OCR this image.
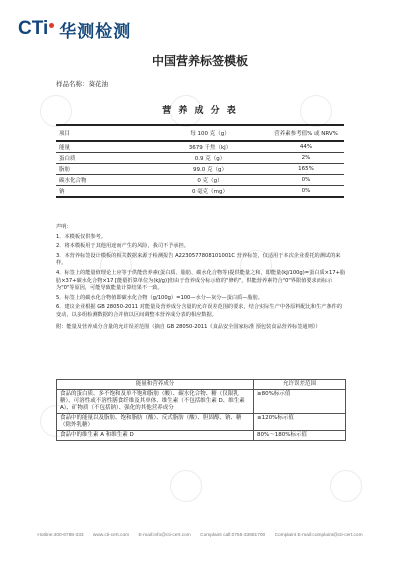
CTi 华测检测
中国营养标签模板
样品名称：葵花油
营 养 成 分 表
项目	每 100 克（g）	营养素参考值% 或 NRV%
能量	3679 千焦（kJ）	44%
蛋白质	0.9 克（g）	2%
脂肪	99.0 克（g）	165%
碳水化合物	0 克（g）	0%
钠	0 毫克（mg）	0%

声明：

1．本模板仅供参考。

2．将本模板用于其他用途而产生的风险，我司不予承担。

3．本营养标签设计模板的相关数据来源于检测报告 A2230577808101001C 营养标签，仅适用于本次企业委托的测试的来样。

4．标签上的能量值理论上应等于供能营养素(蛋白质、脂肪、碳水化合物等)提供能量之和，即能量(kJ/100g)=蛋白质×17+脂肪×37+碳水化合物×17 [能量折算单位为(kJ/g)]但由于营养成分标示值的"修约"，供能营养素符合"0"界限值要求而标示为"0"等原因，可能导致能量计算结果不一致。

5．标签上的碳水化合物值即碳水化合物（g/100g）=100—水分—灰分—蛋白质—脂肪。

6．建议企业根据 GB 28050-2011 对能量及营养成分含量的允许误差范围的要求，结合实际生产中各原料配比和生产条件的变动，以多组检测数据的合并值以区间调整本营养成分表的相应数据。

附：能量及营养成分含量的允许误差范围（摘自 GB 28050-2011《食品安全国家标准 预包装食品营养标签通则》）

能量和营养成分	允许误差范围
食品的蛋白质、多不饱和及单不饱和脂肪（酸）、碳水化合物、糖（仅限乳糖）、可溶性或不溶性膳食纤维及其单体、维生素（不包括维生素 D、维生素 A）、矿物质（不包括钠）、强化的其他营养成分	≥80%标示值
食品中的能量以及脂肪、饱和脂肪（酸）、反式脂肪（酸）、胆固醇、钠、糖（除外乳糖）	≤120%标示值
食品中的维生素 A 和维生素 D	80%～180%标示值
Hotline:400-6788-333 www.cti-cert.com E-mail:info@cti-cert.com Complaint call:0755-33681700 Complaint E-mail:complaint@cti-cert.com
